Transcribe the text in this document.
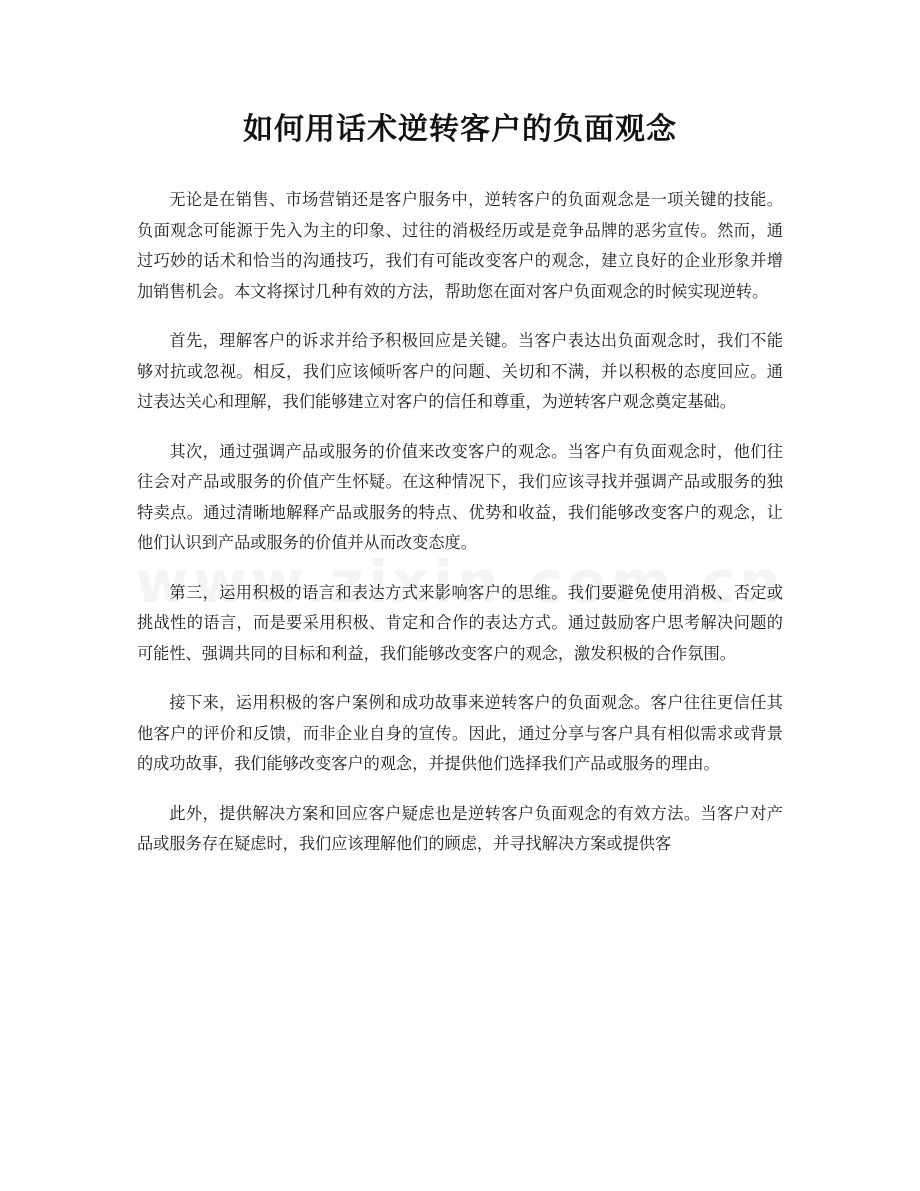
如何用话术逆转客户的负面观念

无论是在销售、市场营销还是客户服务中，逆转客户的负面观念是一项关键的技能。负面观念可能源于先入为主的印象、过往的消极经历或是竞争品牌的恶劣宣传。然而，通过巧妙的话术和恰当的沟通技巧，我们有可能改变客户的观念，建立良好的企业形象并增加销售机会。本文将探讨几种有效的方法，帮助您在面对客户负面观念的时候实现逆转。

首先，理解客户的诉求并给予积极回应是关键。当客户表达出负面观念时，我们不能够对抗或忽视。相反，我们应该倾听客户的问题、关切和不满，并以积极的态度回应。通过表达关心和理解，我们能够建立对客户的信任和尊重，为逆转客户观念奠定基础。

其次，通过强调产品或服务的价值来改变客户的观念。当客户有负面观念时，他们往往会对产品或服务的价值产生怀疑。在这种情况下，我们应该寻找并强调产品或服务的独特卖点。通过清晰地解释产品或服务的特点、优势和收益，我们能够改变客户的观念，让他们认识到产品或服务的价值并从而改变态度。

第三，运用积极的语言和表达方式来影响客户的思维。我们要避免使用消极、否定或挑战性的语言，而是要采用积极、肯定和合作的表达方式。通过鼓励客户思考解决问题的可能性、强调共同的目标和利益，我们能够改变客户的观念，激发积极的合作氛围。

接下来，运用积极的客户案例和成功故事来逆转客户的负面观念。客户往往更信任其他客户的评价和反馈，而非企业自身的宣传。因此，通过分享与客户具有相似需求或背景的成功故事，我们能够改变客户的观念，并提供他们选择我们产品或服务的理由。

此外，提供解决方案和回应客户疑虑也是逆转客户负面观念的有效方法。当客户对产品或服务存在疑虑时，我们应该理解他们的顾虑，并寻找解决方案或提供客
